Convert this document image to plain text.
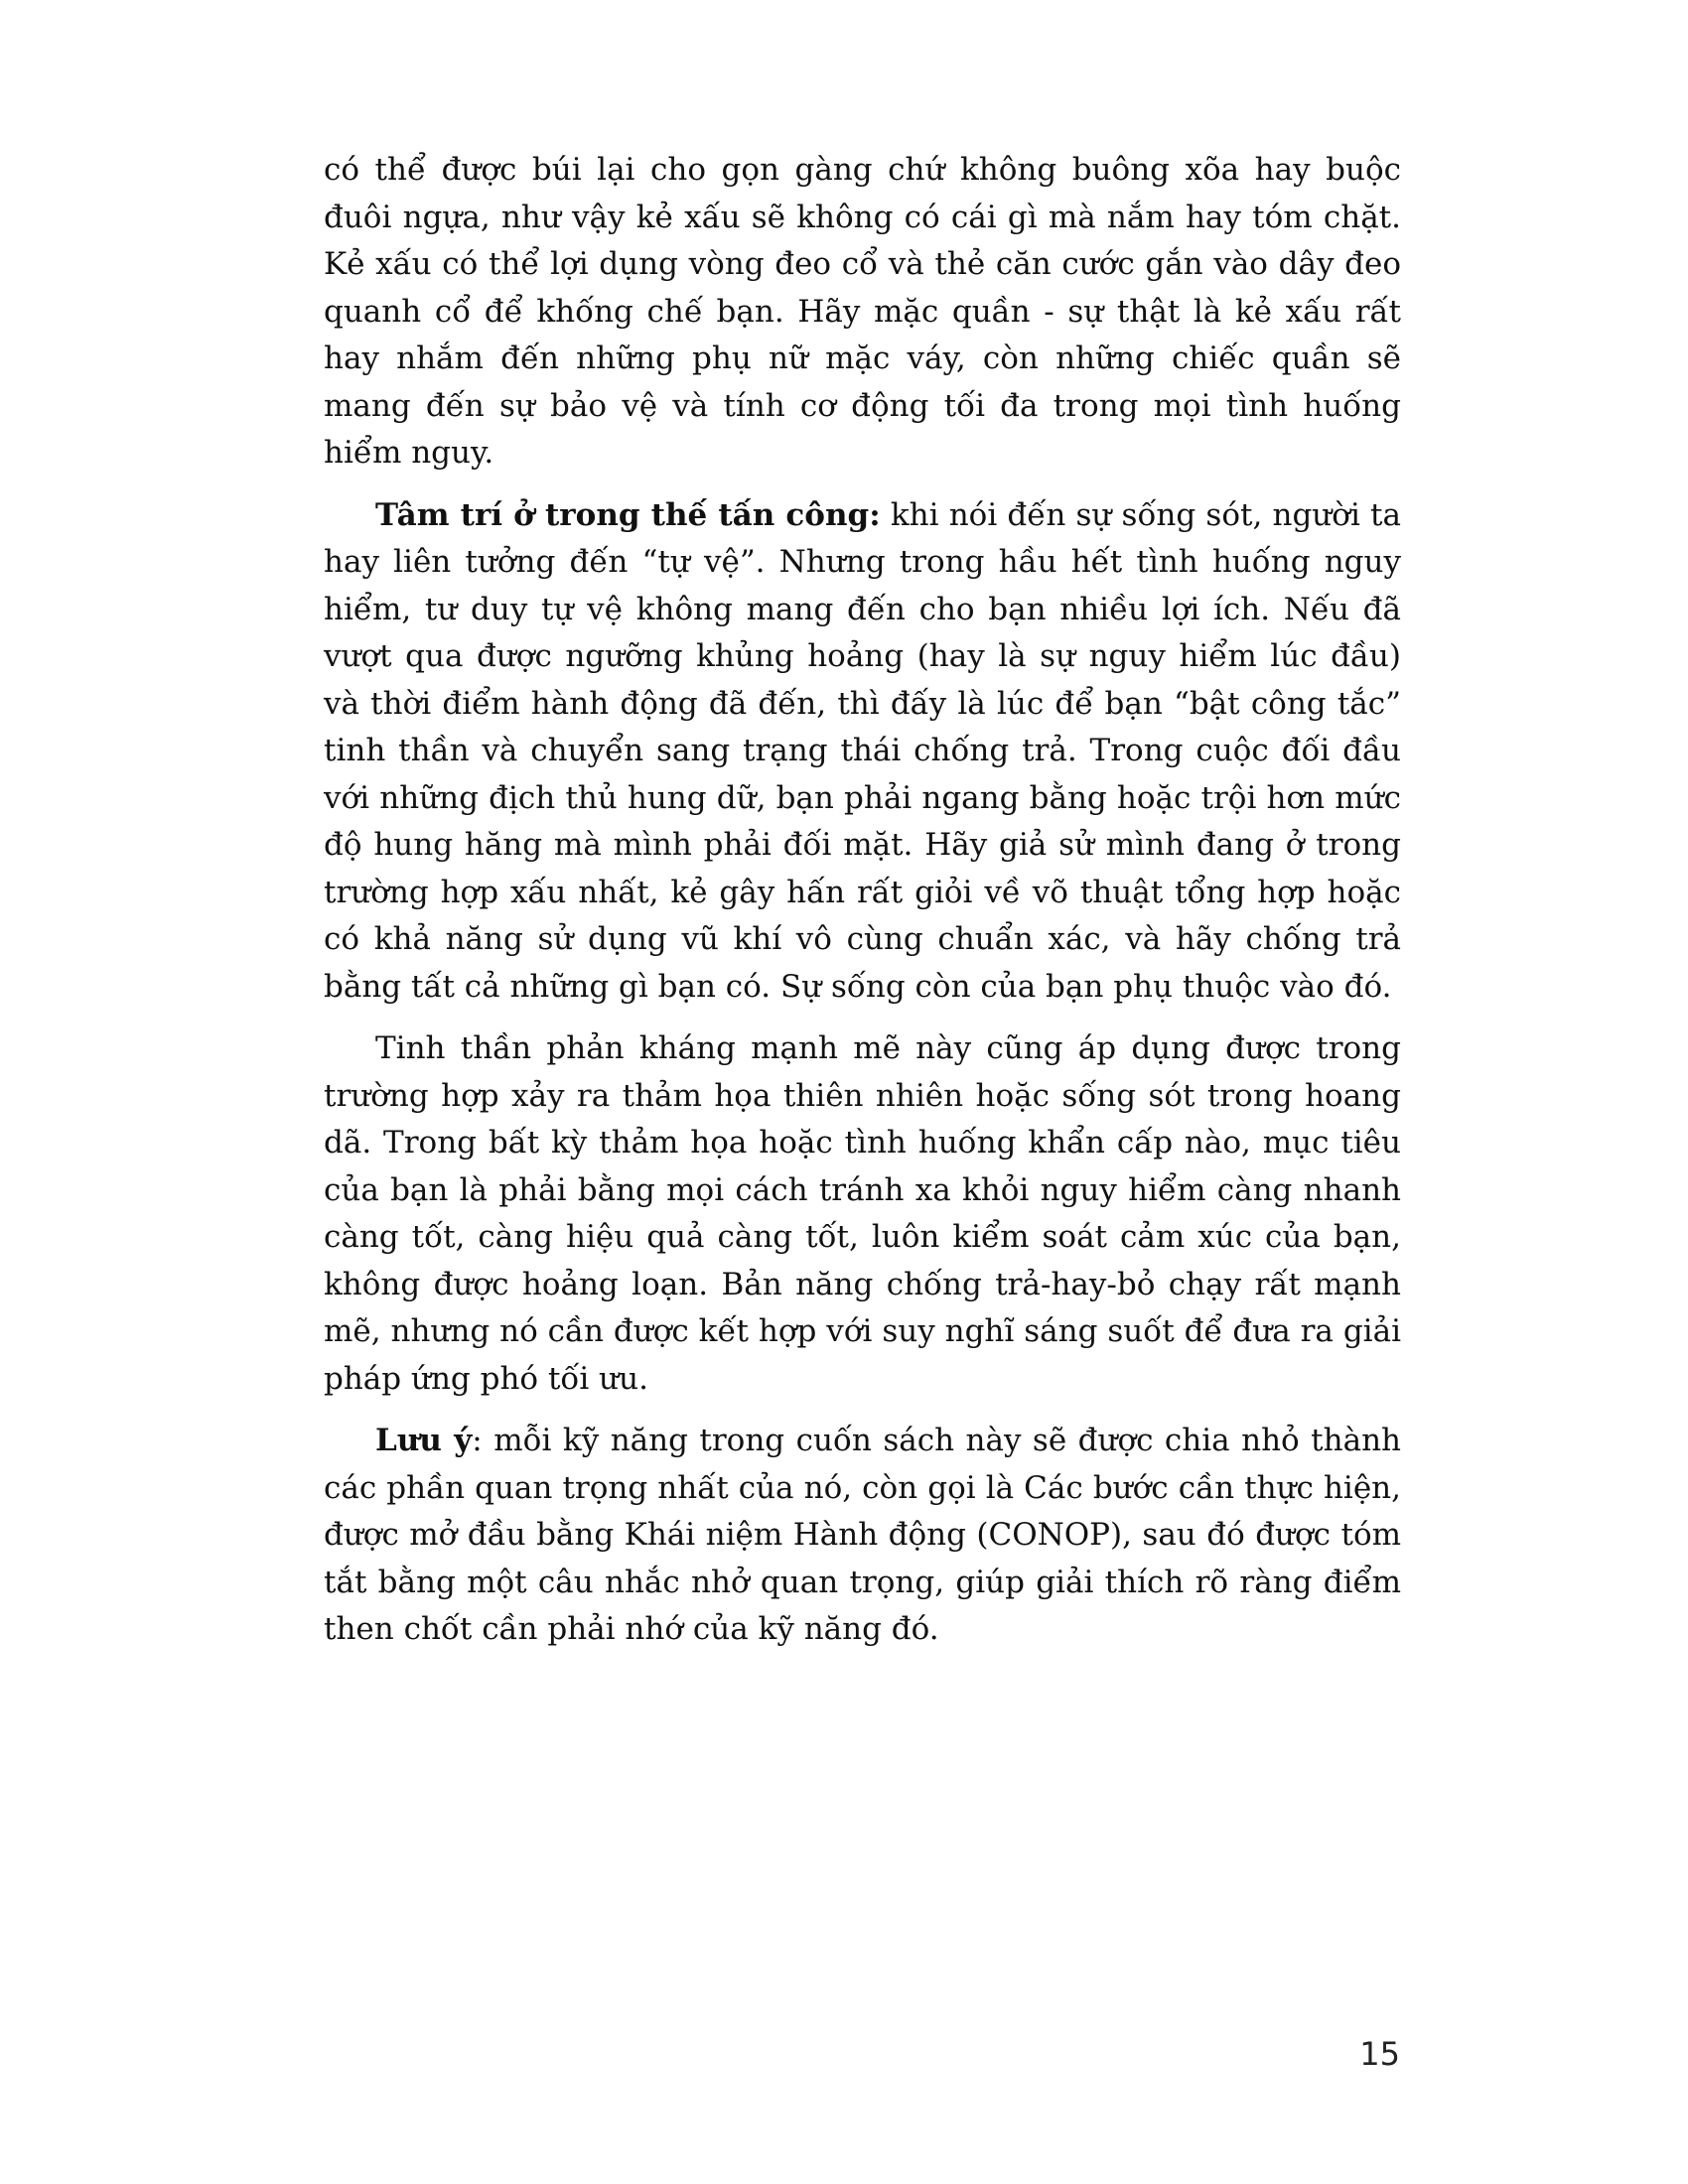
có thể được búi lại cho gọn gàng chứ không buông xõa hay buộc đuôi ngựa, như vậy kẻ xấu sẽ không có cái gì mà nắm hay tóm chặt. Kẻ xấu có thể lợi dụng vòng đeo cổ và thẻ căn cước gắn vào dây đeo quanh cổ để khống chế bạn. Hãy mặc quần - sự thật là kẻ xấu rất hay nhắm đến những phụ nữ mặc váy, còn những chiếc quần sẽ mang đến sự bảo vệ và tính cơ động tối đa trong mọi tình huống hiểm nguy.

Tâm trí ở trong thế tấn công: khi nói đến sự sống sót, người ta hay liên tưởng đến “tự vệ”. Nhưng trong hầu hết tình huống nguy hiểm, tư duy tự vệ không mang đến cho bạn nhiều lợi ích. Nếu đã vượt qua được ngưỡng khủng hoảng (hay là sự nguy hiểm lúc đầu) và thời điểm hành động đã đến, thì đấy là lúc để bạn “bật công tắc” tinh thần và chuyển sang trạng thái chống trả. Trong cuộc đối đầu với những địch thủ hung dữ, bạn phải ngang bằng hoặc trội hơn mức độ hung hăng mà mình phải đối mặt. Hãy giả sử mình đang ở trong trường hợp xấu nhất, kẻ gây hấn rất giỏi về võ thuật tổng hợp hoặc có khả năng sử dụng vũ khí vô cùng chuẩn xác, và hãy chống trả bằng tất cả những gì bạn có. Sự sống còn của bạn phụ thuộc vào đó.

Tinh thần phản kháng mạnh mẽ này cũng áp dụng được trong trường hợp xảy ra thảm họa thiên nhiên hoặc sống sót trong hoang dã. Trong bất kỳ thảm họa hoặc tình huống khẩn cấp nào, mục tiêu của bạn là phải bằng mọi cách tránh xa khỏi nguy hiểm càng nhanh càng tốt, càng hiệu quả càng tốt, luôn kiểm soát cảm xúc của bạn, không được hoảng loạn. Bản năng chống trả-hay-bỏ chạy rất mạnh mẽ, nhưng nó cần được kết hợp với suy nghĩ sáng suốt để đưa ra giải pháp ứng phó tối ưu.

Lưu ý: mỗi kỹ năng trong cuốn sách này sẽ được chia nhỏ thành các phần quan trọng nhất của nó, còn gọi là Các bước cần thực hiện, được mở đầu bằng Khái niệm Hành động (CONOP), sau đó được tóm tắt bằng một câu nhắc nhở quan trọng, giúp giải thích rõ ràng điểm then chốt cần phải nhớ của kỹ năng đó.

15
